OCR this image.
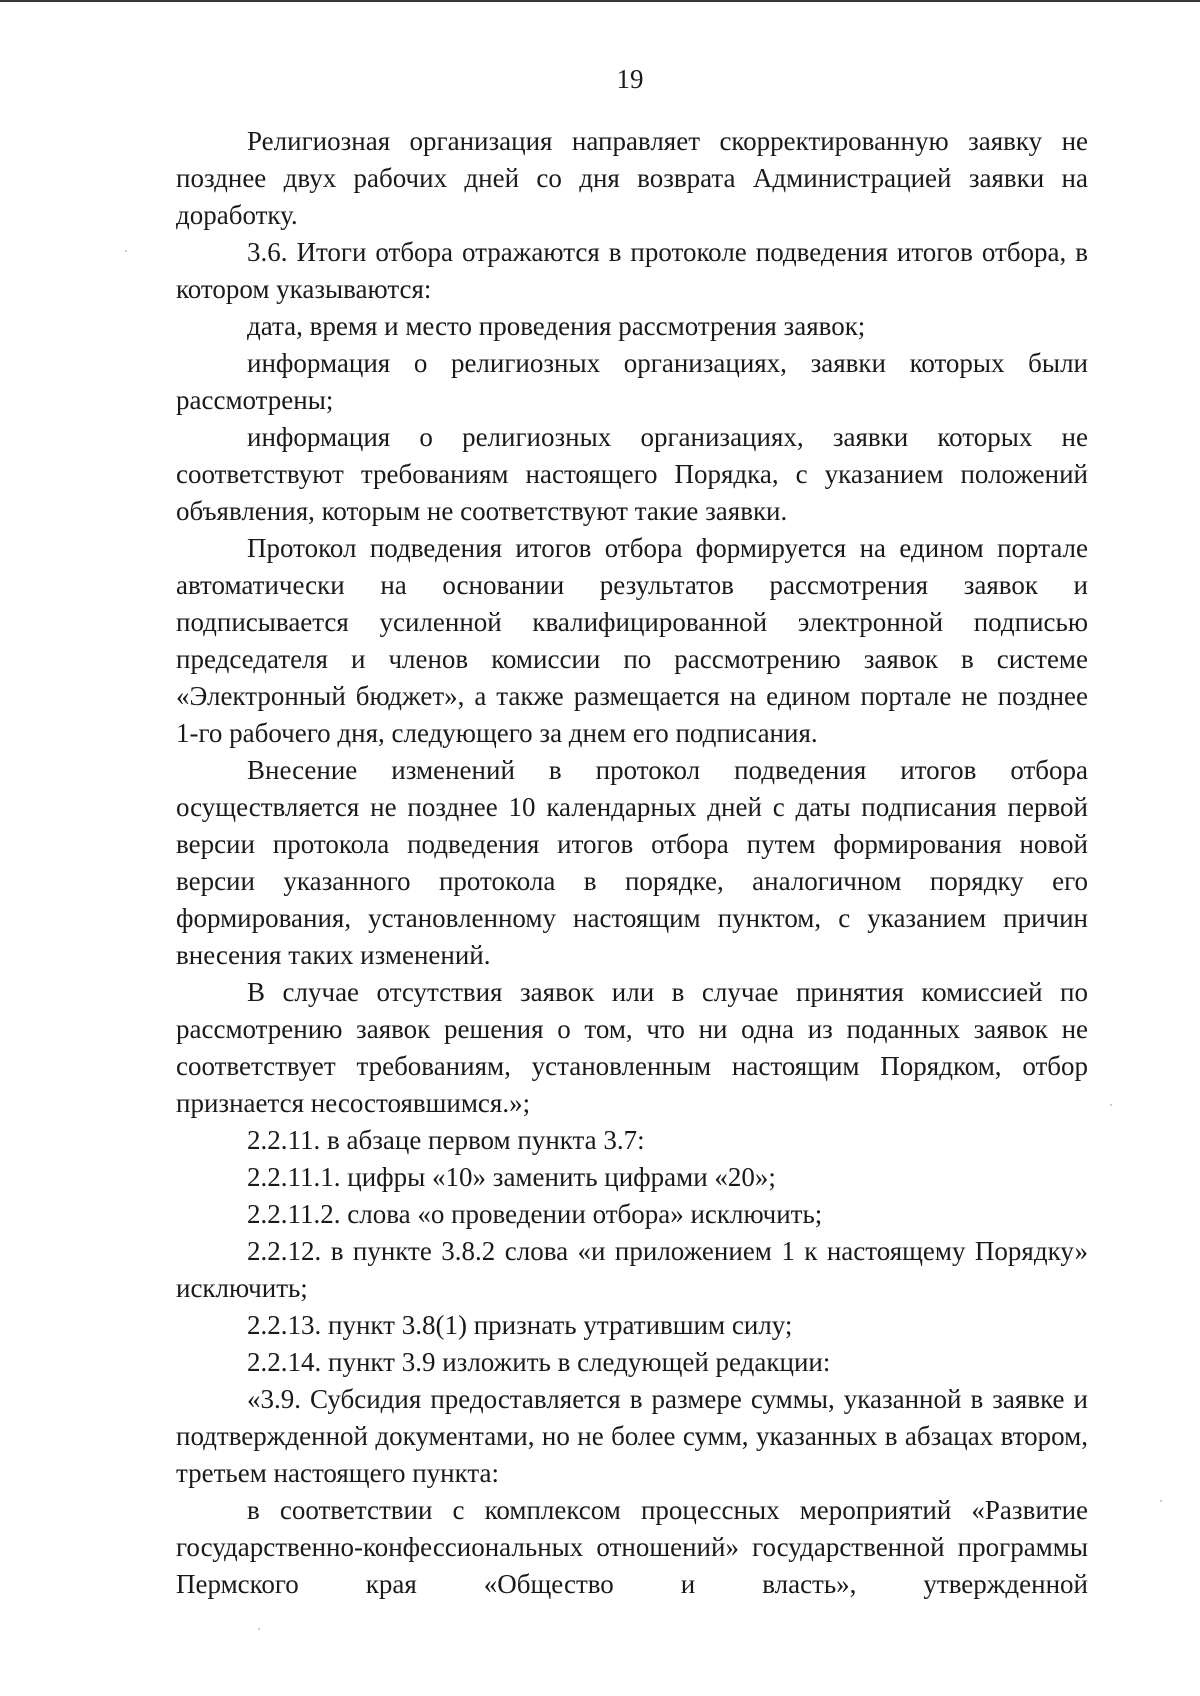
19

Религиозная организация направляет скорректированную заявку не позднее двух рабочих дней со дня возврата Администрацией заявки на доработку.

3.6. Итоги отбора отражаются в протоколе подведения итогов отбора, в котором указываются:

дата, время и место проведения рассмотрения заявок;

информация о религиозных организациях, заявки которых были рассмотрены;

информация о религиозных организациях, заявки которых не соответствуют требованиям настоящего Порядка, с указанием положений объявления, которым не соответствуют такие заявки.

Протокол подведения итогов отбора формируется на едином портале автоматически на основании результатов рассмотрения заявок и подписывается усиленной квалифицированной электронной подписью председателя и членов комиссии по рассмотрению заявок в системе «Электронный бюджет», а также размещается на едином портале не позднее 1-го рабочего дня, следующего за днем его подписания.

Внесение изменений в протокол подведения итогов отбора осуществляется не позднее 10 календарных дней с даты подписания первой версии протокола подведения итогов отбора путем формирования новой версии указанного протокола в порядке, аналогичном порядку его формирования, установленному настоящим пунктом, с указанием причин внесения таких изменений.

В случае отсутствия заявок или в случае принятия комиссией по рассмотрению заявок решения о том, что ни одна из поданных заявок не соответствует требованиям, установленным настоящим Порядком, отбор признается несостоявшимся.»;

2.2.11. в абзаце первом пункта 3.7:

2.2.11.1. цифры «10» заменить цифрами «20»;

2.2.11.2. слова «о проведении отбора» исключить;

2.2.12. в пункте 3.8.2 слова «и приложением 1 к настоящему Порядку» исключить;

2.2.13. пункт 3.8(1) признать утратившим силу;

2.2.14. пункт 3.9 изложить в следующей редакции:

«3.9. Субсидия предоставляется в размере суммы, указанной в заявке и подтвержденной документами, но не более сумм, указанных в абзацах втором, третьем настоящего пункта:

в соответствии с комплексом процессных мероприятий «Развитие государственно-конфессиональных отношений» государственной программы Пермского края «Общество и власть», утвержденной
